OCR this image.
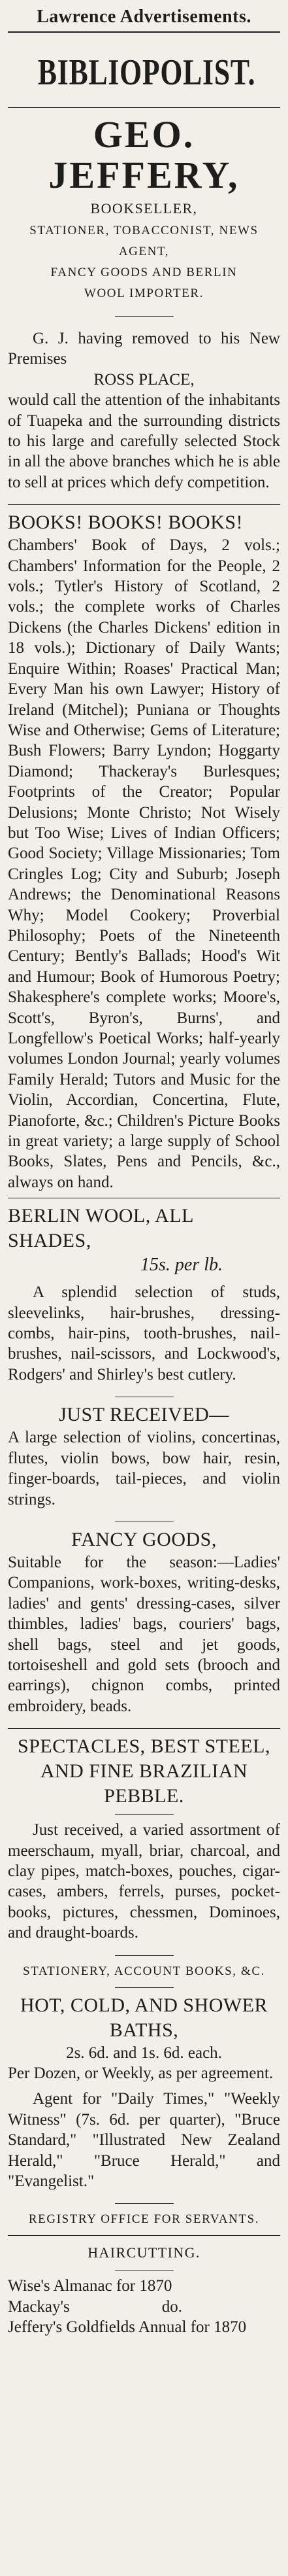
Lawrence Advertisements.
BIBLIOPOLIST.
GEO. JEFFERY,
BOOKSELLER,
STATIONER, TOBACCONIST, NEWS AGENT,
FANCY GOODS AND BERLIN
WOOL IMPORTER.
G. J. having removed to his New Premises
ROSS PLACE,
would call the attention of the inhabitants of Tuapeka and the surrounding districts to his large and carefully selected Stock in all the above branches which he is able to sell at prices which defy competition.
BOOKS! BOOKS! BOOKS!
Chambers' Book of Days, 2 vols.; Chambers' Information for the People, 2 vols.; Tytler's History of Scotland, 2 vols.; the complete works of Charles Dickens (the Charles Dickens' edition in 18 vols.); Dictionary of Daily Wants; Enquire Within; Roases' Practical Man; Every Man his own Lawyer; History of Ireland (Mitchel); Puniana or Thoughts Wise and Otherwise; Gems of Literature; Bush Flowers; Barry Lyndon; Hoggarty Diamond; Thackeray's Burlesques; Footprints of the Creator; Popular Delusions; Monte Christo; Not Wisely but Too Wise; Lives of Indian Officers; Good Society; Village Missionaries; Tom Cringles Log; City and Suburb; Joseph Andrews; the Denominational Reasons Why; Model Cookery; Proverbial Philosophy; Poets of the Nineteenth Century; Bently's Ballads; Hood's Wit and Humour; Book of Humorous Poetry; Shakesphere's complete works; Moore's, Scott's, Byron's, Burns', and Longfellow's Poetical Works; half-yearly volumes London Journal; yearly volumes Family Herald; Tutors and Music for the Violin, Accordian, Concertina, Flute, Pianoforte, &c.; Children's Picture Books in great variety; a large supply of School Books, Slates, Pens and Pencils, &c., always on hand.
BERLIN WOOL, ALL SHADES,
15s. per lb.
A splendid selection of studs, sleevelinks, hair-brushes, dressing-combs, hair-pins, tooth-brushes, nail-brushes, nail-scissors, and Lockwood's, Rodgers' and Shirley's best cutlery.
JUST RECEIVED—
A large selection of violins, concertinas, flutes, violin bows, bow hair, resin, finger-boards, tail-pieces, and violin strings.
FANCY GOODS,
Suitable for the season:—Ladies' Companions, work-boxes, writing-desks, ladies' and gents' dressing-cases, silver thimbles, ladies' bags, couriers' bags, shell bags, steel and jet goods, tortoiseshell and gold sets (brooch and earrings), chignon combs, printed embroidery, beads.
SPECTACLES, BEST STEEL, AND FINE BRAZILIAN PEBBLE.
Just received, a varied assortment of meerschaum, myall, briar, charcoal, and clay pipes, match-boxes, pouches, cigar-cases, ambers, ferrels, purses, pocket-books, pictures, chessmen, Dominoes, and draught-boards.
STATIONERY, ACCOUNT BOOKS, &C.
HOT, COLD, AND SHOWER BATHS,
2s. 6d. and 1s. 6d. each.
Per Dozen, or Weekly, as per agreement.
Agent for "Daily Times," "Weekly Witness" (7s. 6d. per quarter), "Bruce Standard," "Illustrated New Zealand Herald," "Bruce Herald," and "Evangelist."
REGISTRY OFFICE FOR SERVANTS.
HAIRCUTTING.
Wise's Almanac for 1870
Mackay's	do.
Jeffery's Goldfields Annual for 1870
